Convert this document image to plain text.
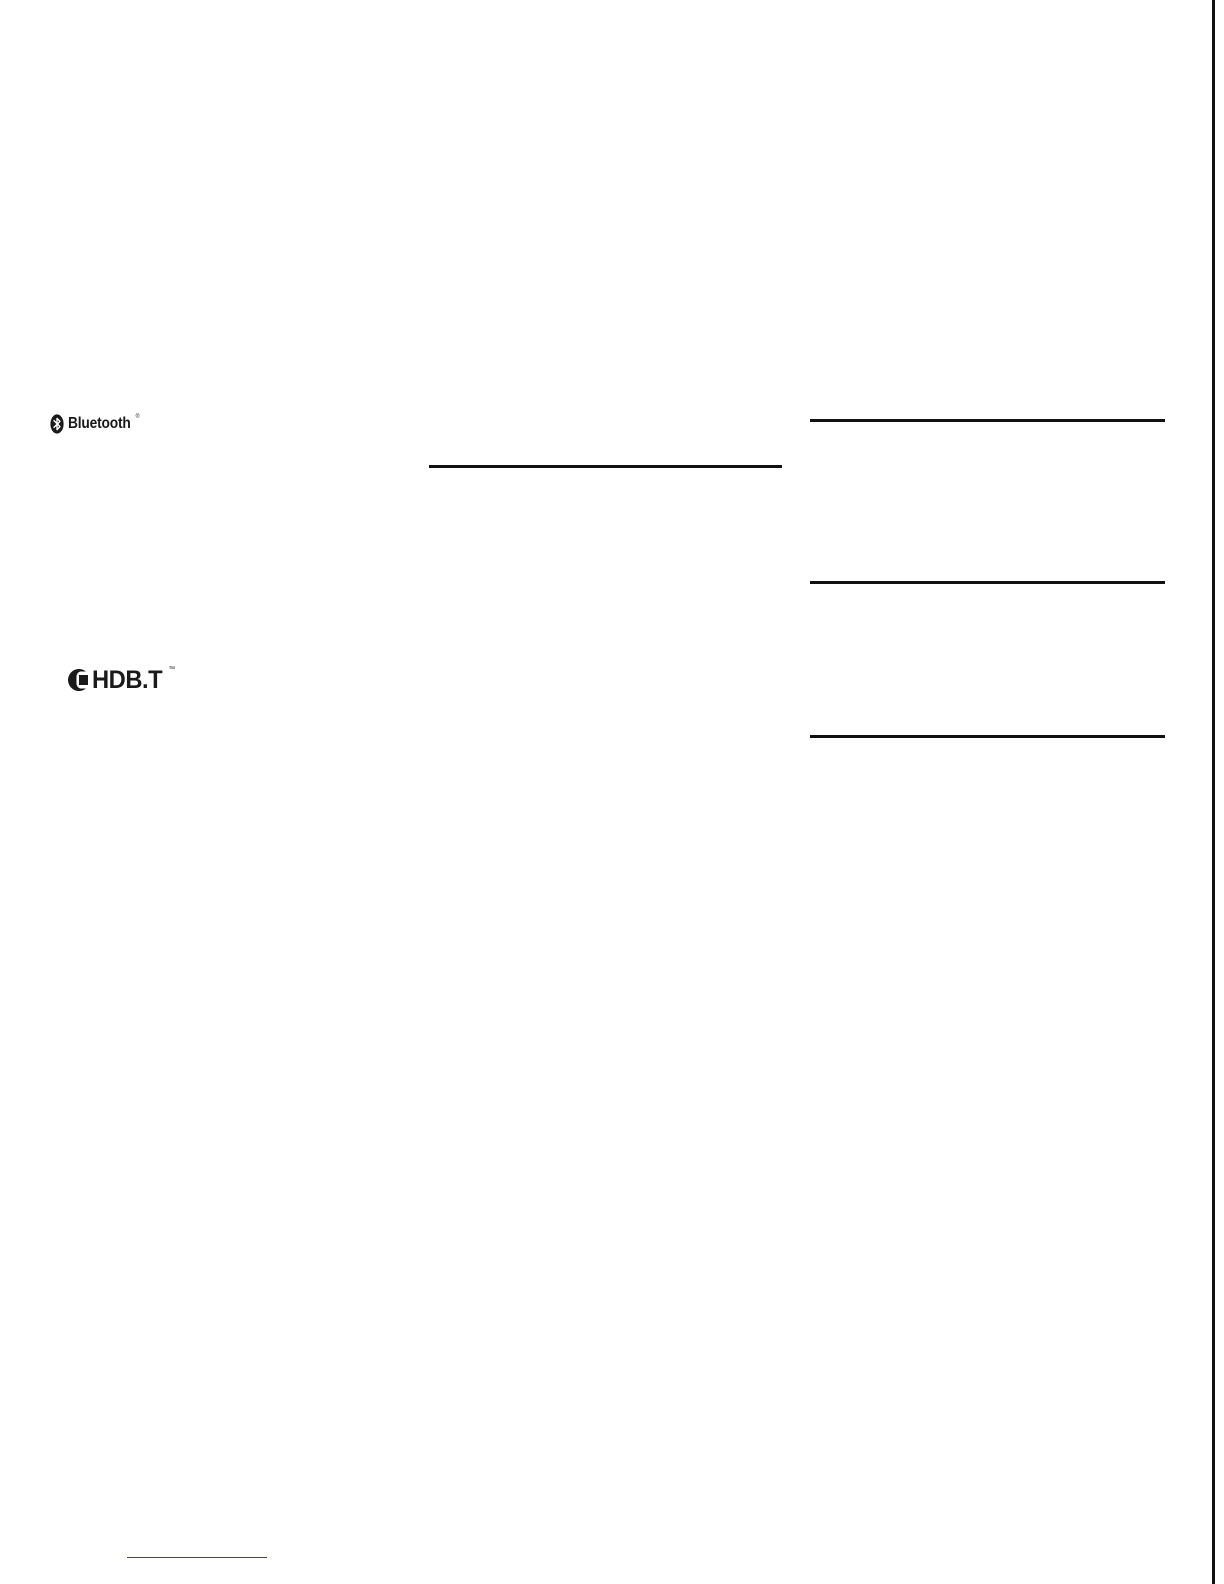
Bluetooth ®
HDB.T ™
